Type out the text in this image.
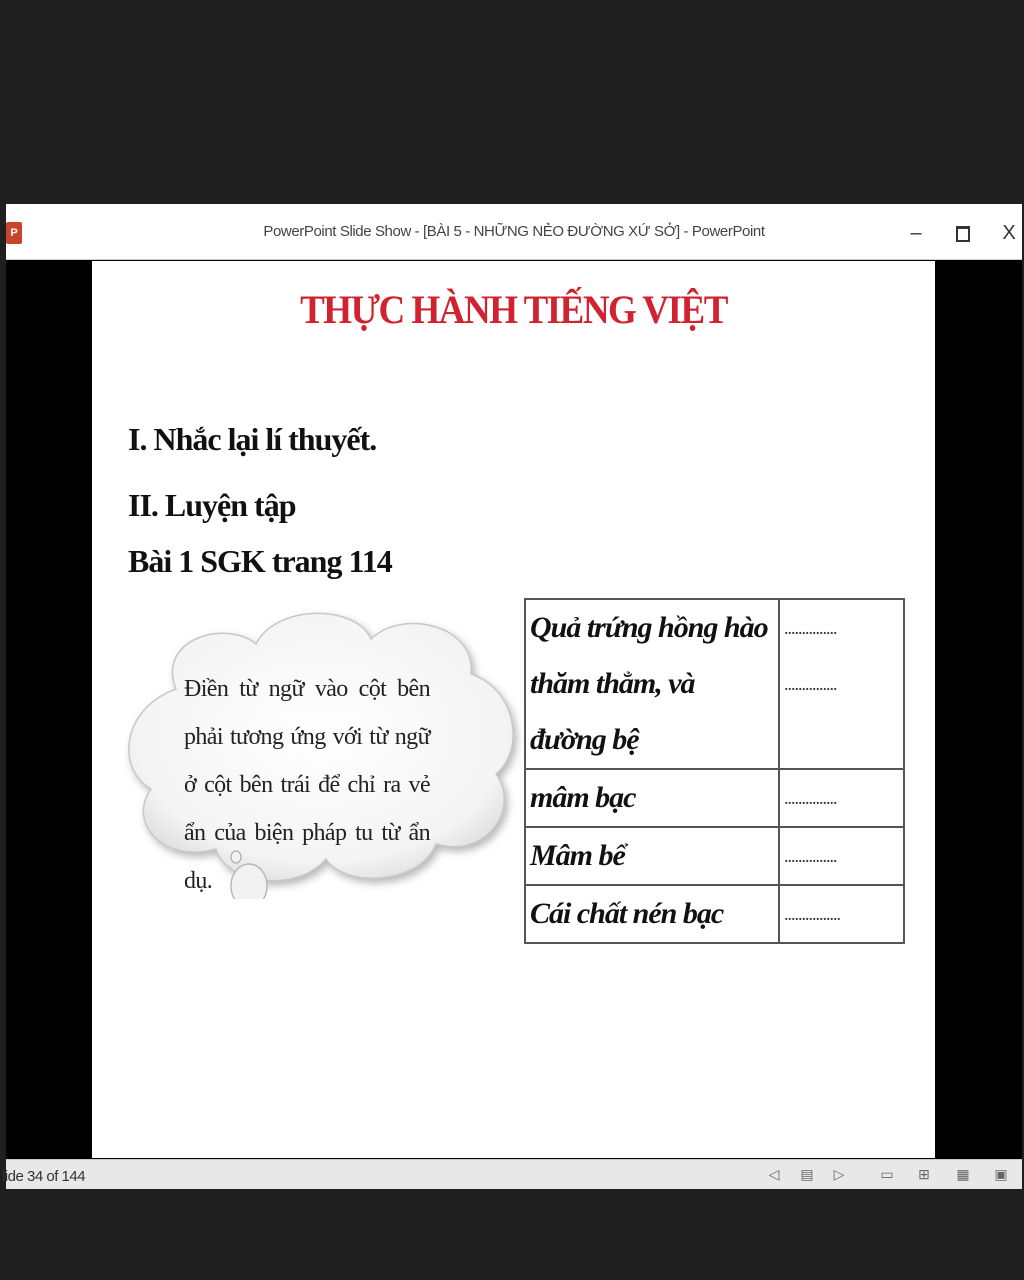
P	PowerPoint Slide Show - [BÀI 5 - NHỮNG NẺO ĐƯỜNG XỨ SỞ] - PowerPoint	–	X
THỰC HÀNH TIẾNG VIỆT
I. Nhắc lại lí thuyết.
II. Luyện tập
Bài 1 SGK trang 114
Điền từ ngữ vào cột bên phải tương ứng với từ ngữ ở cột bên trái để chỉ ra vẻ ẩn của biện pháp tu từ ẩn dụ.
Quả trứng hồng hào thăm thẳm, và đường bệ	...............
...............

mâm bạc	...............

Mâm bể	...............

Cái chất nén bạc	................
lide 34 of 144	◁ ▤ ▷	▭ ⊞ ▦ ▣
